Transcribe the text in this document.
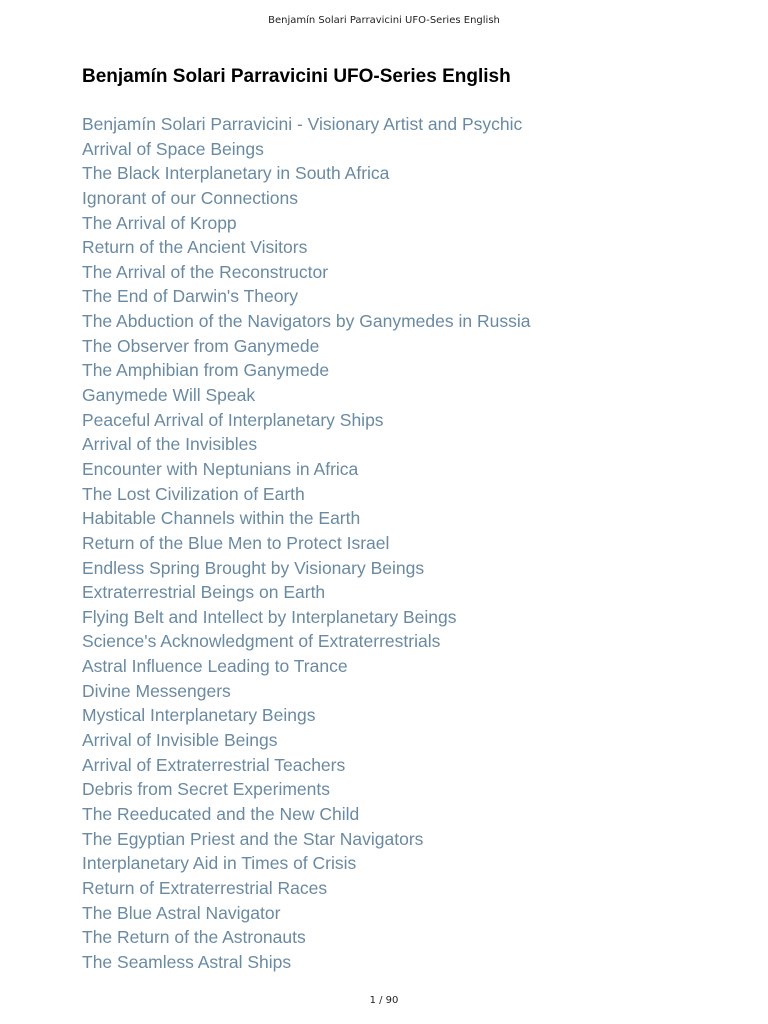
Benjamín Solari Parravicini UFO-Series English
Benjamín Solari Parravicini UFO-Series English
Benjamín Solari Parravicini - Visionary Artist and Psychic
Arrival of Space Beings
The Black Interplanetary in South Africa
Ignorant of our Connections
The Arrival of Kropp
Return of the Ancient Visitors
The Arrival of the Reconstructor
The End of Darwin's Theory
The Abduction of the Navigators by Ganymedes in Russia
The Observer from Ganymede
The Amphibian from Ganymede
Ganymede Will Speak
Peaceful Arrival of Interplanetary Ships
Arrival of the Invisibles
Encounter with Neptunians in Africa
The Lost Civilization of Earth
Habitable Channels within the Earth
Return of the Blue Men to Protect Israel
Endless Spring Brought by Visionary Beings
Extraterrestrial Beings on Earth
Flying Belt and Intellect by Interplanetary Beings
Science's Acknowledgment of Extraterrestrials
Astral Influence Leading to Trance
Divine Messengers
Mystical Interplanetary Beings
Arrival of Invisible Beings
Arrival of Extraterrestrial Teachers
Debris from Secret Experiments
The Reeducated and the New Child
The Egyptian Priest and the Star Navigators
Interplanetary Aid in Times of Crisis
Return of Extraterrestrial Races
The Blue Astral Navigator
The Return of the Astronauts
The Seamless Astral Ships
1 / 90
